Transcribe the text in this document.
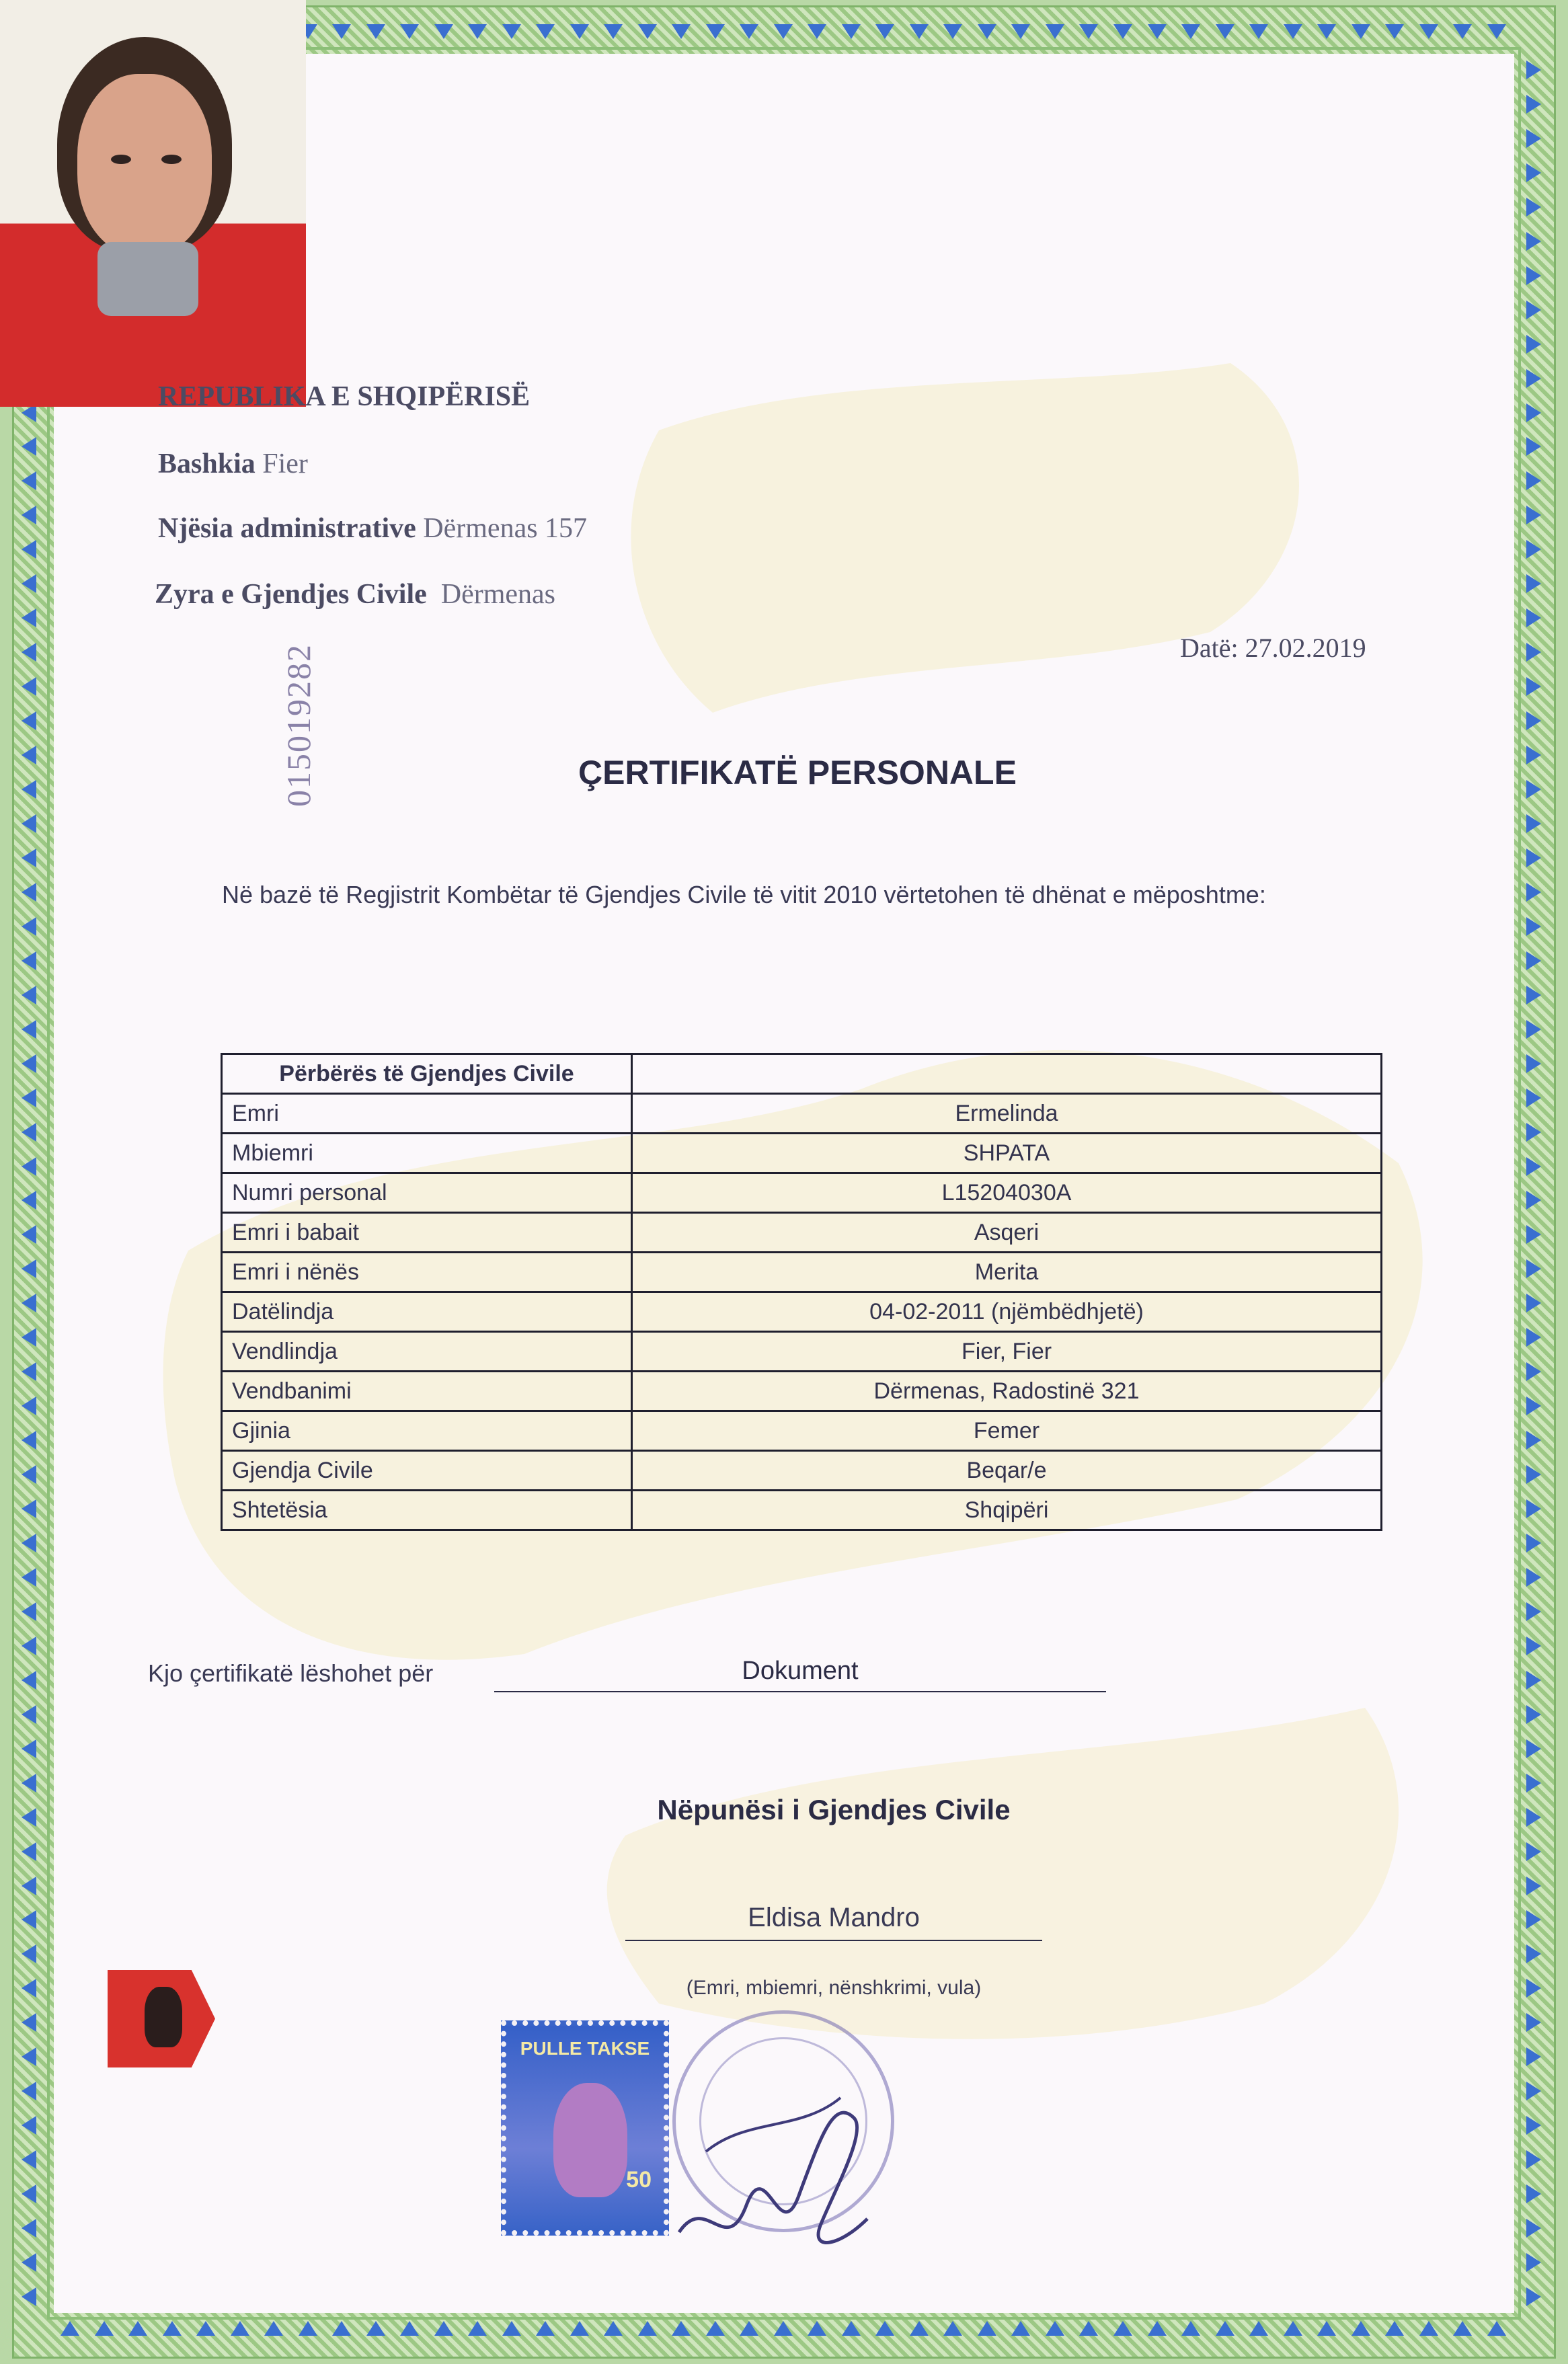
REPUBLIKA E SHQIPËRISË
Bashkia Fier
Njësia administrative Dërmenas 157
Zyra e Gjendjes Civile Dërmenas
015019282	Datë: 27.02.2019
ÇERTIFIKATË PERSONALE
Në bazë të Regjistrit Kombëtar të Gjendjes Civile të vitit 2010 vërtetohen të dhënat e mëposhtme:
Përbërës të Gjendjes Civile	
Emri	Ermelinda
Mbiemri	SHPATA
Numri personal	L15204030A
Emri i babait	Asqeri
Emri i nënës	Merita
Datëlindja	04-02-2011 (njëmbëdhjetë)
Vendlindja	Fier, Fier
Vendbanimi	Dërmenas, Radostinë 321
Gjinia	Femer
Gjendja Civile	Beqar/e
Shtetësia	Shqipëri
Kjo çertifikatë lëshohet për	Dokument
Nëpunësi i Gjendjes Civile
Eldisa Mandro
(Emri, mbiemri, nënshkrimi, vula)
PULLE TAKSE
50
